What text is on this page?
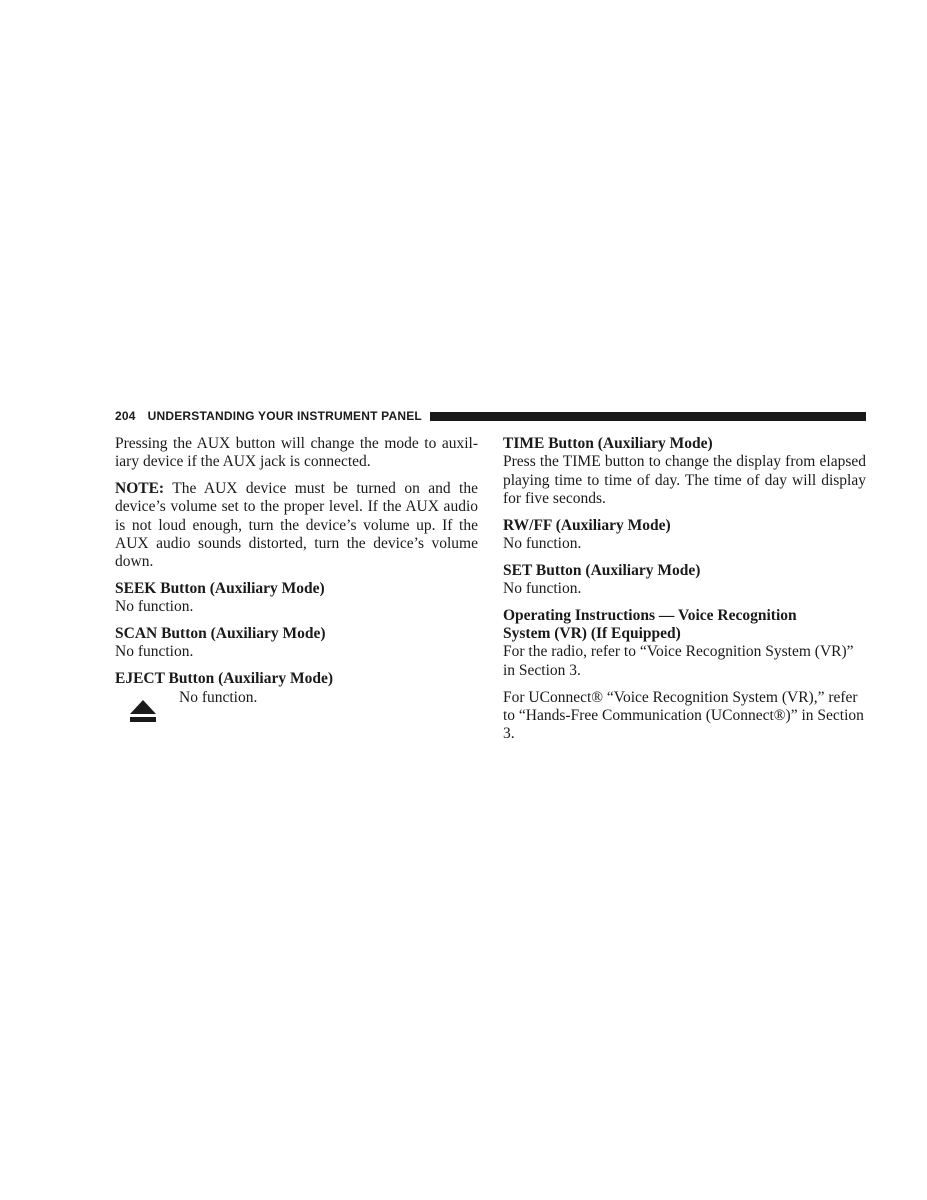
204 UNDERSTANDING YOUR INSTRUMENT PANEL

Pressing the AUX button will change the mode to auxil-iary device if the AUX jack is connected.

NOTE: The AUX device must be turned on and the device’s volume set to the proper level. If the AUX audio is not loud enough, turn the device’s volume up. If the AUX audio sounds distorted, turn the device’s volume down.

SEEK Button (Auxiliary Mode)
No function.
SCAN Button (Auxiliary Mode)
No function.
EJECT Button (Auxiliary Mode)
No function.
TIME Button (Auxiliary Mode)
Press the TIME button to change the display from elapsed playing time to time of day. The time of day will display for five seconds.
RW/FF (Auxiliary Mode)
No function.
SET Button (Auxiliary Mode)
No function.
Operating Instructions — Voice Recognition
System (VR) (If Equipped)
For the radio, refer to “Voice Recognition System (VR)” in Section 3.

For UConnect® “Voice Recognition System (VR),” refer to “Hands-Free Communication (UConnect®)” in Section 3.
